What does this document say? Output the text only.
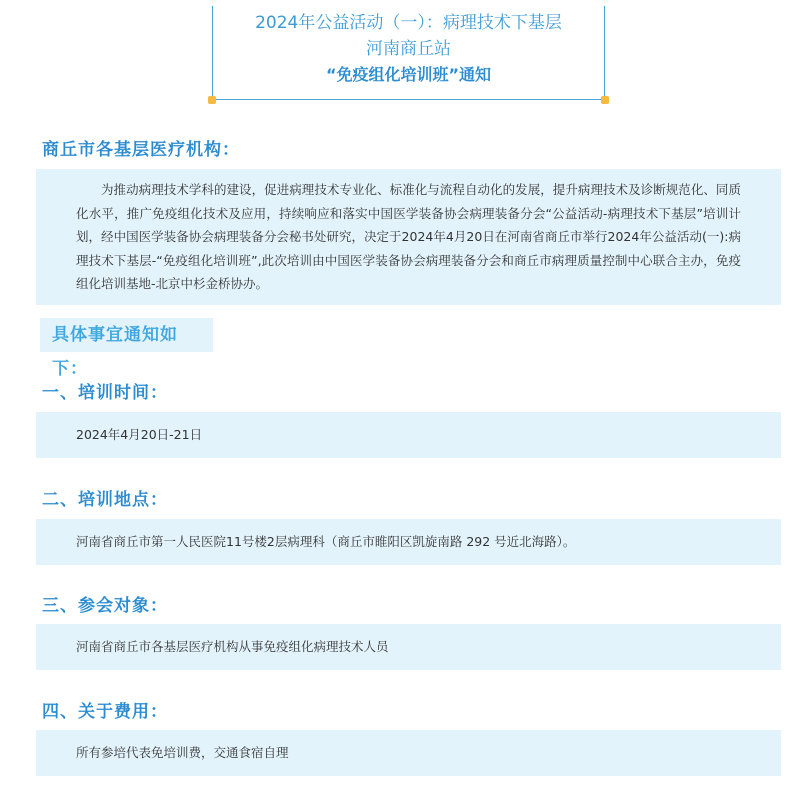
2024年公益活动（一）：病理技术下基层
河南商丘站
“免疫组化培训班”通知
商丘市各基层医疗机构：

为推动病理技术学科的建设，促进病理技术专业化、标准化与流程自动化的发展，提升病理技术及诊断规范化、同质化水平，推广免疫组化技术及应用，持续响应和落实中国医学装备协会病理装备分会“公益活动-病理技术下基层”培训计划，经中国医学装备协会病理装备分会秘书处研究，决定于2024年4月20日在河南省商丘市举行2024年公益活动(一):病理技术下基层-“免疫组化培训班”,此次培训由中国医学装备协会病理装备分会和商丘市病理质量控制中心联合主办，免疫组化培训基地-北京中杉金桥协办。

具体事宜通知如下：
一、培训时间：
2024年4月20日-21日
二、培训地点：
河南省商丘市第一人民医院11号楼2层病理科（商丘市睢阳区凯旋南路 292 号近北海路）。
三、参会对象：
河南省商丘市各基层医疗机构从事免疫组化病理技术人员
四、关于费用：
所有参培代表免培训费，交通食宿自理
